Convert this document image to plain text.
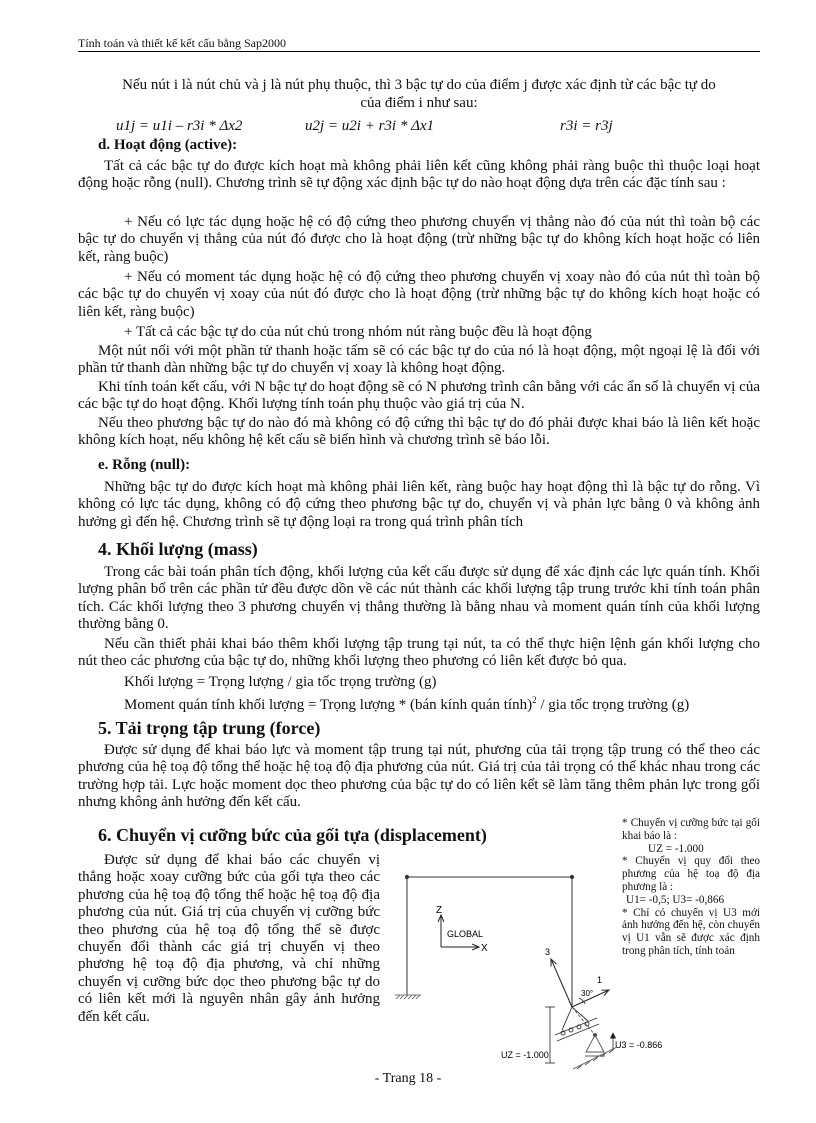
Tính toán và thiết kế kết cấu bằng Sap2000

Nếu nút i là nút chủ và j là nút phụ thuộc, thì 3 bậc tự do của điểm j được xác định từ các bậc tự do

của điểm i như sau:

u1j = u1i – r3i * Δx2	u2j = u2i + r3i * Δx1	r3i = r3j
d. Hoạt động (active):

Tất cả các bậc tự do được kích hoạt mà không phải liên kết cũng không phải ràng buộc thì thuộc loại hoạt động hoặc rỗng (null). Chương trình sẽ tự động xác định bậc tự do nào hoạt động dựa trên các đặc tính sau :

+ Nếu có lực tác dụng hoặc hệ có độ cứng theo phương chuyển vị thẳng nào đó của nút thì toàn bộ các bậc tự do chuyển vị thẳng của nút đó được cho là hoạt động (trừ những bậc tự do không kích hoạt hoặc có liên kết, ràng buộc)

+ Nếu có moment tác dụng hoặc hệ có độ cứng theo phương chuyển vị xoay nào đó của nút thì toàn bộ các bậc tự do chuyển vị xoay của nút đó được cho là hoạt động (trừ những bậc tự do không kích hoạt hoặc có liên kết, ràng buộc)

+ Tất cả các bậc tự do của nút chủ trong nhóm nút ràng buộc đều là hoạt động

Một nút nối với một phần tử thanh hoặc tấm sẽ có các bậc tự do của nó là hoạt động, một ngoại lệ là đối với phần tử thanh dàn những bậc tự do chuyển vị xoay là không hoạt động.

Khi tính toán kết cấu, với N bậc tự do hoạt động sẽ có N phương trình cân bằng với các ẩn số là chuyển vị của các bậc tự do hoạt động. Khối lượng tính toán phụ thuộc vào giá trị của N.

Nếu theo phương bậc tự do nào đó mà không có độ cứng thì bậc tự do đó phải được khai báo là liên kết hoặc không kích hoạt, nếu không hệ kết cấu sẽ biến hình và chương trình sẽ báo lỗi.

e. Rỗng (null):

Những bậc tự do được kích hoạt mà không phải liên kết, ràng buộc hay hoạt động thì là bậc tự do rỗng. Vì không có lực tác dụng, không có độ cứng theo phương bậc tự do, chuyển vị và phản lực bằng 0 và không ảnh hưởng gì đến hệ. Chương trình sẽ tự động loại ra trong quá trình phân tích

4. Khối lượng (mass)

Trong các bài toán phân tích động, khối lượng của kết cấu được sử dụng để xác định các lực quán tính. Khối lượng phân bố trên các phần tử đều được dồn về các nút thành các khối lượng tập trung trước khi tính toán phân tích. Các khối lượng theo 3 phương chuyển vị thẳng thường là bằng nhau và moment quán tính của khối lượng thường bằng 0.

Nếu cần thiết phải khai báo thêm khối lượng tập trung tại nút, ta có thể thực hiện lệnh gán khối lượng cho nút theo các phương của bậc tự do, những khối lượng theo phương có liên kết được bỏ qua.

Khối lượng = Trọng lượng / gia tốc trọng trường (g)

Moment quán tính khối lượng = Trọng lượng * (bán kính quán tính)$^2$ / gia tốc trọng trường (g)

5. Tải trọng tập trung (force)

Được sử dụng để khai báo lực và moment tập trung tại nút, phương của tải trọng tập trung có thể theo các phương của hệ toạ độ tổng thể hoặc hệ toạ độ địa phương của nút. Giá trị của tải trọng có thể khác nhau trong các trường hợp tải. Lực hoặc moment dọc theo phương của bậc tự do có liên kết sẽ làm tăng thêm phản lực trong gối nhưng không ảnh hưởng đến kết cấu.

6. Chuyển vị cưỡng bức của gối tựa (displacement)

Được sử dụng để khai báo các chuyển vị thẳng hoặc xoay cưỡng bức của gối tựa theo các phương của hệ toạ độ tổng thể hoặc hệ toạ độ địa phương của nút. Giá trị của chuyển vị cưỡng bức theo phương của hệ toạ độ tổng thể sẽ được chuyển đổi thành các giá trị chuyển vị theo phương hệ toạ độ địa phương, và chỉ những chuyển vị cưỡng bức dọc theo phương bậc tự do có liên kết mới là nguyên nhân gây ảnh hưởng đến kết cấu.

* Chuyển vị cưỡng bức tại gối khai báo là :
UZ = -1.000
* Chuyển vị quy đổi theo phương của hệ toạ độ địa phương là :
U1= -0,5; U3= -0,866
* Chỉ có chuyển vị U3 mới ảnh hưởng đến hệ, còn chuyển vị U1 vẫn sẽ được xác định trong phân tích, tính toán
Z
X
GLOBAL
3
1
30°
U3 = -0.866
UZ = -1.000
- Trang 18 -
